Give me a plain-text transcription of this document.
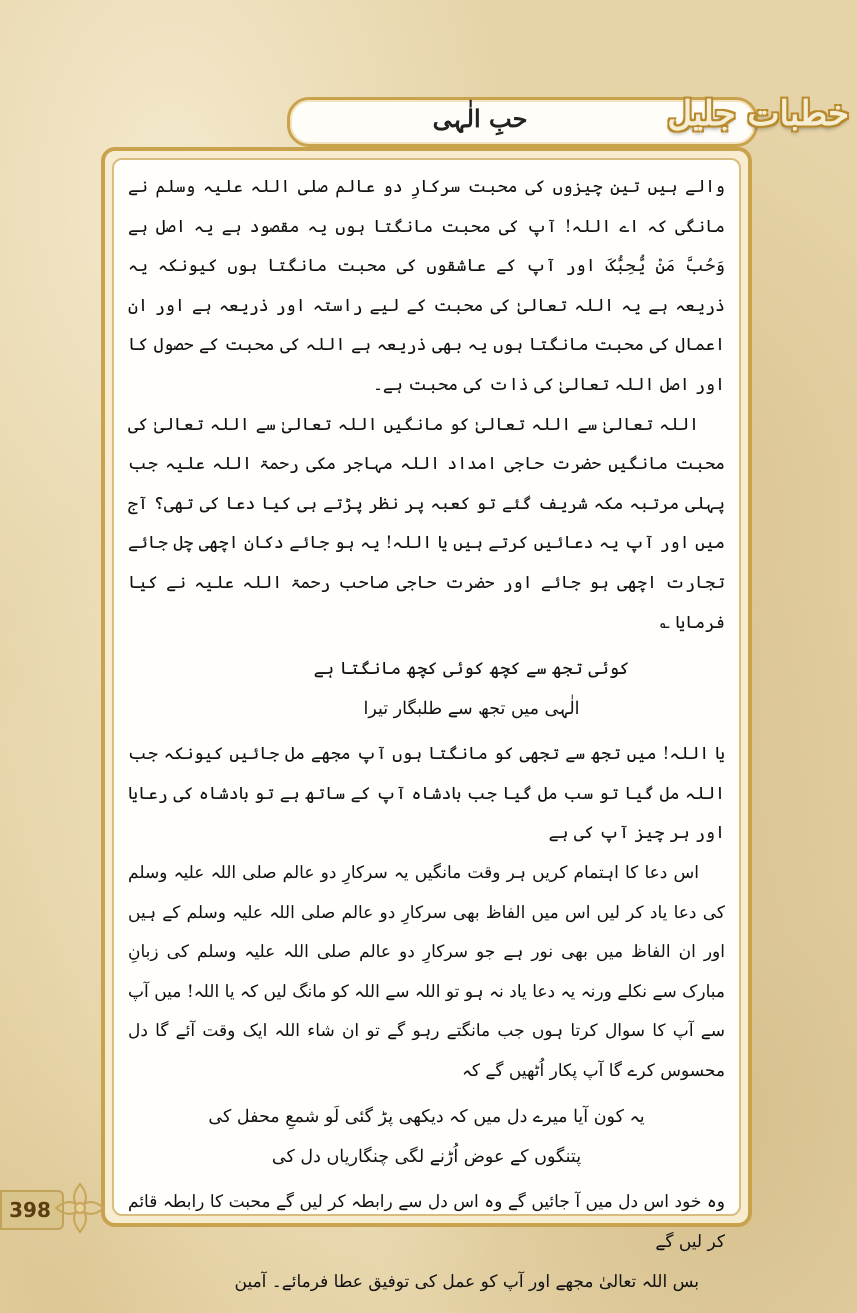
حبِ الٰہی	خطبات جلیل

والے ہیں تین چیزوں کی محبت سرکارِ دو عالم صلی اللہ علیہ وسلم نے مانگی کہ اے اللہ! آپ کی محبت مانگتا ہوں یہ مقصود ہے یہ اصل ہے وَحُبَّ مَنْ یُّحِبُّکَ اور آپ کے عاشقوں کی محبت مانگتا ہوں کیونکہ یہ ذریعہ ہے یہ اللہ تعالیٰ کی محبت کے لیے راستہ اور ذریعہ ہے اور ان اعمال کی محبت مانگتا ہوں یہ بھی ذریعہ ہے اللہ کی محبت کے حصول کا اور اصل اللہ تعالیٰ کی ذات کی محبت ہے۔

اللہ تعالیٰ سے اللہ تعالیٰ کو مانگیں اللہ تعالیٰ سے اللہ تعالیٰ کی محبت مانگیں حضرت حاجی امداد اللہ مہاجر مکی رحمۃ اللہ علیہ جب پہلی مرتبہ مکہ شریف گئے تو کعبہ پر نظر پڑتے ہی کیا دعا کی تھی؟ آج میں اور آپ یہ دعائیں کرتے ہیں یا اللہ! یہ ہو جائے دکان اچھی چل جائے تجارت اچھی ہو جائے اور حضرت حاجی صاحب رحمۃ اللہ علیہ نے کیا فرمایا ؎

کوئی تجھ سے کچھ کوئی کچھ مانگتا ہے

الٰہی میں تجھ سے طلبگار تیرا

یا اللہ! میں تجھ سے تجھی کو مانگتا ہوں آپ مجھے مل جائیں کیونکہ جب اللہ مل گیا تو سب مل گیا جب بادشاہ آپ کے ساتھ ہے تو بادشاہ کی رعایا اور ہر چیز آپ کی ہے

اس دعا کا اہتمام کریں ہر وقت مانگیں یہ سرکارِ دو عالم صلی اللہ علیہ وسلم کی دعا یاد کر لیں اس میں الفاظ بھی سرکارِ دو عالم صلی اللہ علیہ وسلم کے ہیں اور ان الفاظ میں بھی نور ہے جو سرکارِ دو عالم صلی اللہ علیہ وسلم کی زبانِ مبارک سے نکلے ورنہ یہ دعا یاد نہ ہو تو اللہ سے اللہ کو مانگ لیں کہ یا اللہ! میں آپ سے آپ کا سوال کرتا ہوں جب مانگتے رہو گے تو ان شاء اللہ ایک وقت آئے گا دل محسوس کرے گا آپ پکار اُٹھیں گے کہ

یہ کون آیا میرے دل میں کہ دیکھی پڑ گئی لَو شمعِ محفل کی

پتنگوں کے عوض اُڑنے لگی چنگاریاں دل کی

وہ خود اس دل میں آ جائیں گے وہ اس دل سے رابطہ کر لیں گے محبت کا رابطہ قائم کر لیں گے

بس اللہ تعالیٰ مجھے اور آپ کو عمل کی توفیق عطا فرمائے۔ آمین

398
